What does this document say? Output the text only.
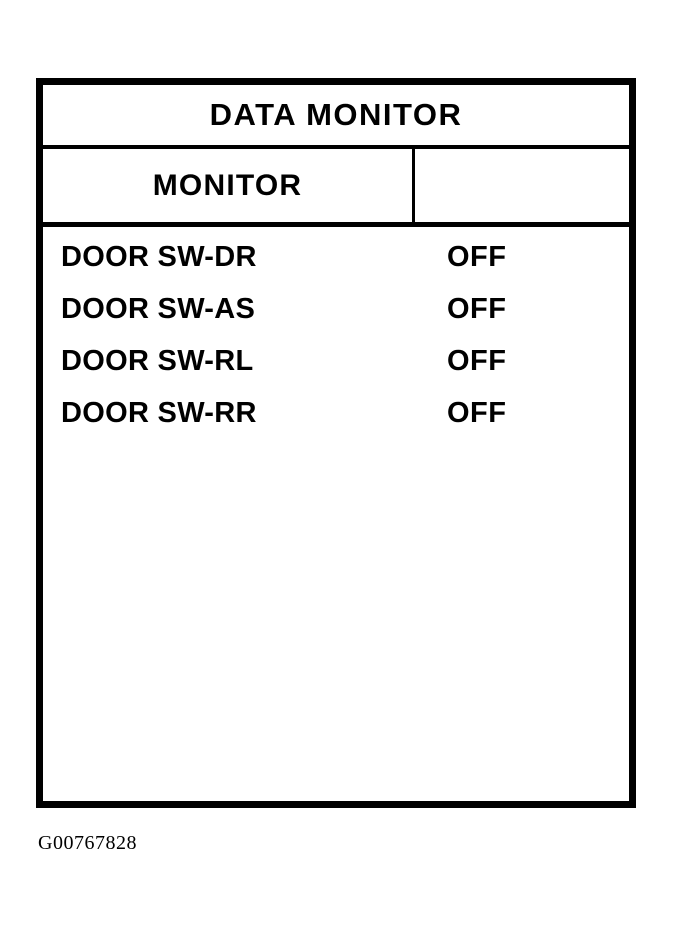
DATA MONITOR
MONITOR
DOOR SW-DR	OFF
DOOR SW-AS	OFF
DOOR SW-RL	OFF
DOOR SW-RR	OFF
G00767828
